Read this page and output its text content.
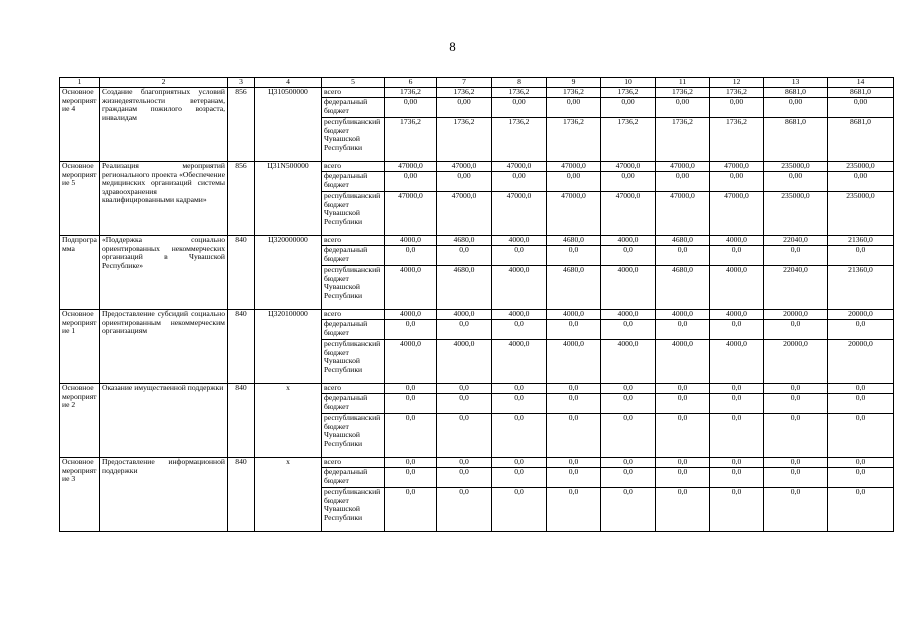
8
1	2	3	4	5	6	7	8	9	10	11	12	13	14
Основное мероприятие 4	Создание благоприятных условий жизнедеятельности ветеранам, гражданам пожилого возраста, инвалидам	856	Ц310500000	всего	1736,2	1736,2	1736,2	1736,2	1736,2	1736,2	1736,2	8681,0	8681,0
				федеральный бюджет	0,00	0,00	0,00	0,00	0,00	0,00	0,00	0,00	0,00
				республиканский бюджет Чувашской Республики	1736,2	1736,2	1736,2	1736,2	1736,2	1736,2	1736,2	8681,0	8681,0
Основное мероприятие 5	Реализация мероприятий регионального проекта «Обеспечение медицинских организаций системы здравоохранения квалифицированными кадрами»	856	Ц31N500000	всего	47000,0	47000,0	47000,0	47000,0	47000,0	47000,0	47000,0	235000,0	235000,0
				федеральный бюджет	0,00	0,00	0,00	0,00	0,00	0,00	0,00	0,00	0,00
				республиканский бюджет Чувашской Республики	47000,0	47000,0	47000,0	47000,0	47000,0	47000,0	47000,0	235000,0	235000,0
Подпрограмма	«Поддержка социально ориентированных некоммерческих организаций в Чувашской Республике»	840	Ц320000000	всего	4000,0	4680,0	4000,0	4680,0	4000,0	4680,0	4000,0	22040,0	21360,0
				федеральный бюджет	0,0	0,0	0,0	0,0	0,0	0,0	0,0	0,0	0,0
				республиканский бюджет Чувашской Республики	4000,0	4680,0	4000,0	4680,0	4000,0	4680,0	4000,0	22040,0	21360,0
Основное мероприятие 1	Предоставление субсидий социально ориентированным некоммерческим организациям	840	Ц320100000	всего	4000,0	4000,0	4000,0	4000,0	4000,0	4000,0	4000,0	20000,0	20000,0
				федеральный бюджет	0,0	0,0	0,0	0,0	0,0	0,0	0,0	0,0	0,0
				республиканский бюджет Чувашской Республики	4000,0	4000,0	4000,0	4000,0	4000,0	4000,0	4000,0	20000,0	20000,0
Основное мероприятие 2	Оказание имущественной поддержки	840	x	всего	0,0	0,0	0,0	0,0	0,0	0,0	0,0	0,0	0,0
				федеральный бюджет	0,0	0,0	0,0	0,0	0,0	0,0	0,0	0,0	0,0
				республиканский бюджет Чувашской Республики	0,0	0,0	0,0	0,0	0,0	0,0	0,0	0,0	0,0
Основное мероприятие 3	Предоставление информационной поддержки	840	x	всего	0,0	0,0	0,0	0,0	0,0	0,0	0,0	0,0	0,0
				федеральный бюджет	0,0	0,0	0,0	0,0	0,0	0,0	0,0	0,0	0,0
				республиканский бюджет Чувашской Республики	0,0	0,0	0,0	0,0	0,0	0,0	0,0	0,0	0,0
